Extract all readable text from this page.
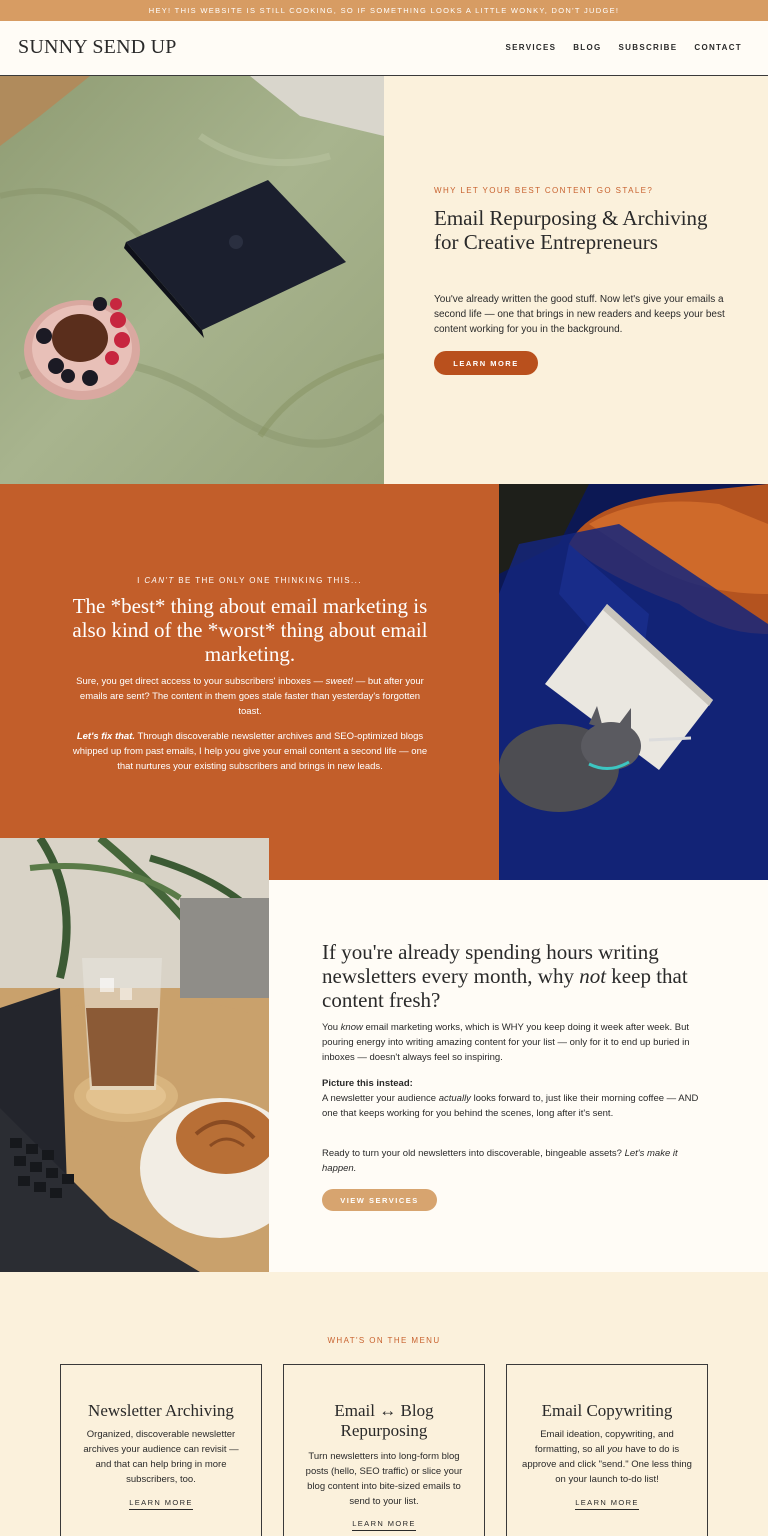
HEY! THIS WEBSITE IS STILL COOKING, SO IF SOMETHING LOOKS A LITTLE WONKY, DON'T JUDGE!
SUNNY SEND UP	SERVICES BLOG SUBSCRIBE CONTACT
WHY LET YOUR BEST CONTENT GO STALE?
Email Repurposing & Archiving for Creative Entrepreneurs
You've already written the good stuff. Now let's give your emails a second life — one that brings in new readers and keeps your best content working for you in the background.
LEARN MORE
I CAN'T BE THE ONLY ONE THINKING THIS...
The *best* thing about email marketing is also kind of the *worst* thing about email marketing.
Sure, you get direct access to your subscribers' inboxes — sweet! — but after your emails are sent? The content in them goes stale faster than yesterday's forgotten toast.
Let's fix that. Through discoverable newsletter archives and SEO-optimized blogs whipped up from past emails, I help you give your email content a second life — one that nurtures your existing subscribers and brings in new leads.
If you're already spending hours writing newsletters every month, why not keep that content fresh?
You know email marketing works, which is WHY you keep doing it week after week. But pouring energy into writing amazing content for your list — only for it to end up buried in inboxes — doesn't always feel so inspiring.
Picture this instead:
A newsletter your audience actually looks forward to, just like their morning coffee — AND one that keeps working for you behind the scenes, long after it's sent.
Ready to turn your old newsletters into discoverable, bingeable assets? Let's make it happen.
VIEW SERVICES
WHAT'S ON THE MENU
Newsletter Archiving
Organized, discoverable newsletter archives your audience can revisit — and that can help bring in more subscribers, too.
LEARN MORE
Email ↔ Blog Repurposing
Turn newsletters into long-form blog posts (hello, SEO traffic) or slice your blog content into bite-sized emails to send to your list.
LEARN MORE
Email Copywriting
Email ideation, copywriting, and formatting, so all you have to do is approve and click "send." One less thing on your launch to-do list!
LEARN MORE
